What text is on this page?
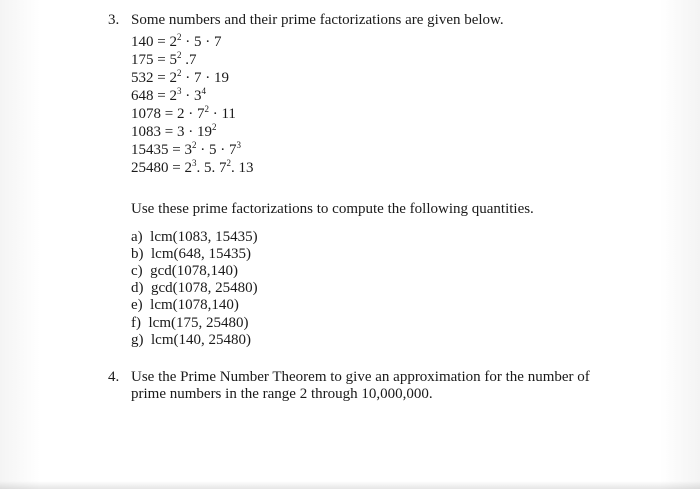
3. Some numbers and their prime factorizations are given below.
$140 = 2^2 \cdot 5 \cdot 7$
$175 = 5^2$ .7
$532 = 2^2 \cdot 7 \cdot 19$
$648 = 2^3 \cdot 3^4$
$1078 = 2 \cdot 7^2 \cdot 11$
$1083 = 3 \cdot 19^2$
$15435 = 3^2 \cdot 5 \cdot 7^3$
$25480 = 2^3$. 5. $7^2$. 13
Use these prime factorizations to compute the following quantities.
a)  lcm(1083, 15435)
b)  lcm(648, 15435)
c)  gcd(1078,140)
d)  gcd(1078, 25480)
e)  lcm(1078,140)
f)  lcm(175, 25480)
g)  lcm(140, 25480)
4. Use the Prime Number Theorem to give an approximation for the number of
prime numbers in the range 2 through 10,000,000.
